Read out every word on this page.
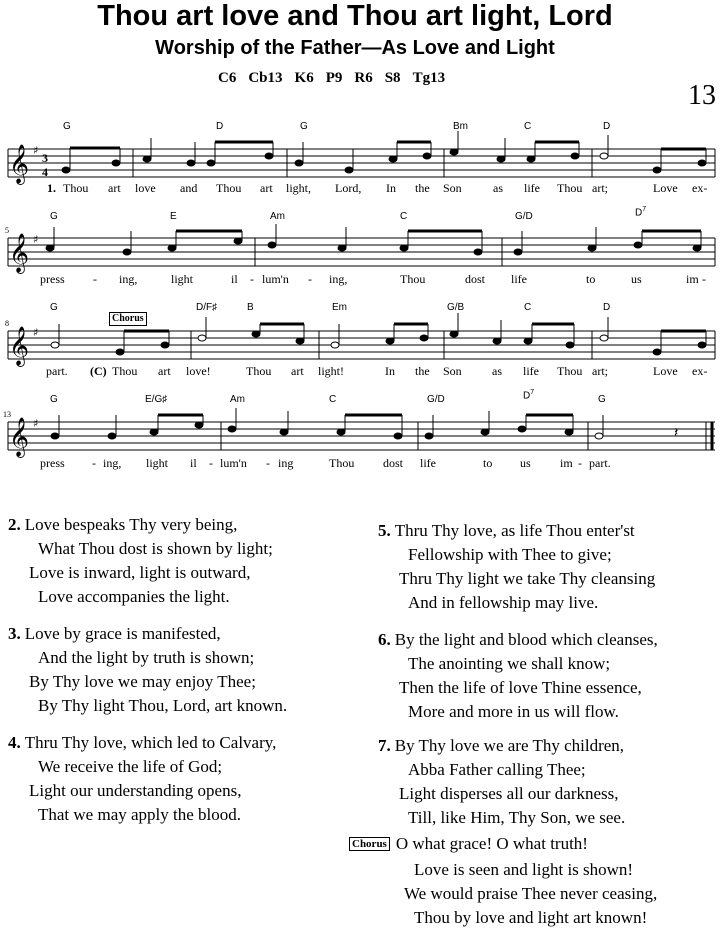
Thou art love and Thou art light, Lord
Worship of the Father—As Love and Light
C6 Cb13 K6 P9 R6 S8 Tg13
13
𝄞
𝄞
𝄞
𝄞
♯
♯
♯
♯
3
4
𝄽
5
8
13
G	D	G	Bm	C	D
G	E	Am	C	G/D	$D^7$
G	D/F♯	B	Em	G/B	C	D
Chorus
G	E/G♯	Am	C	G/D	$D^7$
G
1. Thou art love and Thou art light, Lord, In the Son	as life Thou art;	Love ex-
press - ing,	light	il - lum'n - ing,	Thou	dost life	to	us	im -
part. (C) Thou art love!	Thou art light!	In the Son	as life Thou art;	Love ex-
press - ing, light il - lum'n - ing	Thou dost life	to us im - part.
2. Love bespeaks Thy very being,
What Thou dost is shown by light;
Love is inward, light is outward,
Love accompanies the light.
3. Love by grace is manifested,
And the light by truth is shown;
By Thy love we may enjoy Thee;
By Thy light Thou, Lord, art known.
4. Thru Thy love, which led to Calvary,
We receive the life of God;
Light our understanding opens,
That we may apply the blood.
5. Thru Thy love, as life Thou enter'st
Fellowship with Thee to give;
Thru Thy light we take Thy cleansing
And in fellowship may live.
6. By the light and blood which cleanses,
The anointing we shall know;
Then the life of love Thine essence,
More and more in us will flow.
7. By Thy love we are Thy children,
Abba Father calling Thee;
Light disperses all our darkness,
Till, like Him, Thy Son, we see.
Chorus O what grace! O what truth!
Love is seen and light is shown!
We would praise Thee never ceasing,
Thou by love and light art known!
